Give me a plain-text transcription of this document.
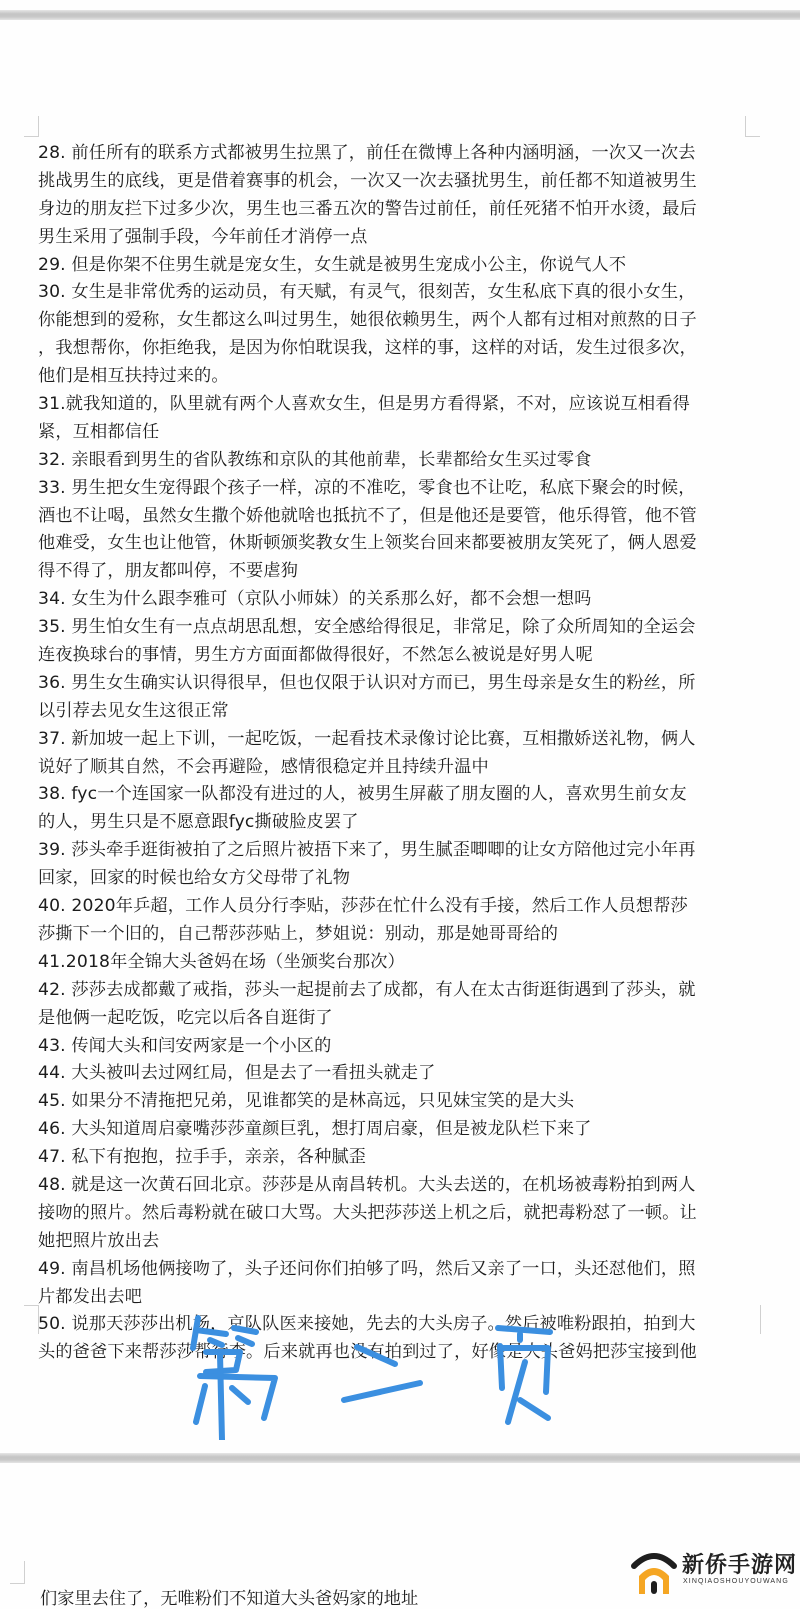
28. 前任所有的联系方式都被男生拉黑了，前任在微博上各种内涵明涵，一次又一次去
挑战男生的底线，更是借着赛事的机会，一次又一次去骚扰男生，前任都不知道被男生
身边的朋友拦下过多少次，男生也三番五次的警告过前任，前任死猪不怕开水烫，最后
男生采用了强制手段，今年前任才消停一点
29. 但是你架不住男生就是宠女生，女生就是被男生宠成小公主，你说气人不
30. 女生是非常优秀的运动员，有天赋，有灵气，很刻苦，女生私底下真的很小女生，
你能想到的爱称，女生都这么叫过男生，她很依赖男生，两个人都有过相对煎熬的日子
，我想帮你，你拒绝我，是因为你怕耽误我，这样的事，这样的对话，发生过很多次，
他们是相互扶持过来的。
31.就我知道的，队里就有两个人喜欢女生，但是男方看得紧，不对，应该说互相看得
紧，互相都信任
32. 亲眼看到男生的省队教练和京队的其他前辈，长辈都给女生买过零食
33. 男生把女生宠得跟个孩子一样，凉的不准吃，零食也不让吃，私底下聚会的时候，
酒也不让喝，虽然女生撒个娇他就啥也抵抗不了，但是他还是要管，他乐得管，他不管
他难受，女生也让他管，休斯顿颁奖教女生上领奖台回来都要被朋友笑死了，俩人恩爱
得不得了，朋友都叫停，不要虐狗
34. 女生为什么跟李雅可（京队小师妹）的关系那么好，都不会想一想吗
35. 男生怕女生有一点点胡思乱想，安全感给得很足，非常足，除了众所周知的全运会
连夜换球台的事情，男生方方面面都做得很好，不然怎么被说是好男人呢
36. 男生女生确实认识得很早，但也仅限于认识对方而已，男生母亲是女生的粉丝，所
以引荐去见女生这很正常
37. 新加坡一起上下训，一起吃饭，一起看技术录像讨论比赛，互相撒娇送礼物，俩人
说好了顺其自然，不会再避险，感情很稳定并且持续升温中
38. fyc一个连国家一队都没有进过的人，被男生屏蔽了朋友圈的人，喜欢男生前女友
的人，男生只是不愿意跟fyc撕破脸皮罢了
39. 莎头牵手逛街被拍了之后照片被捂下来了，男生腻歪唧唧的让女方陪他过完小年再
回家，回家的时候也给女方父母带了礼物
40. 2020年乒超，工作人员分行李贴，莎莎在忙什么没有手接，然后工作人员想帮莎
莎撕下一个旧的，自己帮莎莎贴上，梦姐说：别动，那是她哥哥给的
41.2018年全锦大头爸妈在场（坐颁奖台那次）
42. 莎莎去成都戴了戒指，莎头一起提前去了成都，有人在太古街逛街遇到了莎头，就
是他俩一起吃饭，吃完以后各自逛街了
43. 传闻大头和闫安两家是一个小区的
44. 大头被叫去过网红局，但是去了一看扭头就走了
45. 如果分不清拖把兄弟，见谁都笑的是林高远，只见妹宝笑的是大头
46. 大头知道周启豪嘴莎莎童颜巨乳，想打周启豪，但是被龙队栏下来了
47. 私下有抱抱，拉手手，亲亲，各种腻歪
48. 就是这一次黄石回北京。莎莎是从南昌转机。大头去送的，在机场被毒粉拍到两人
接吻的照片。然后毒粉就在破口大骂。大头把莎莎送上机之后，就把毒粉怼了一顿。让
她把照片放出去
49. 南昌机场他俩接吻了，头子还问你们拍够了吗，然后又亲了一口，头还怼他们，照
片都发出去吧
50. 说那天莎莎出机场，京队队医来接她，先去的大头房子。然后被唯粉跟拍，拍到大
头的爸爸下来帮莎莎帮行李。后来就再也没有拍到过了，好像是大头爸妈把莎宝接到他
们家里去住了，无唯粉们不知道大头爸妈家的地址
新侨手游网
XINQIAOSHOUYOUWANG
